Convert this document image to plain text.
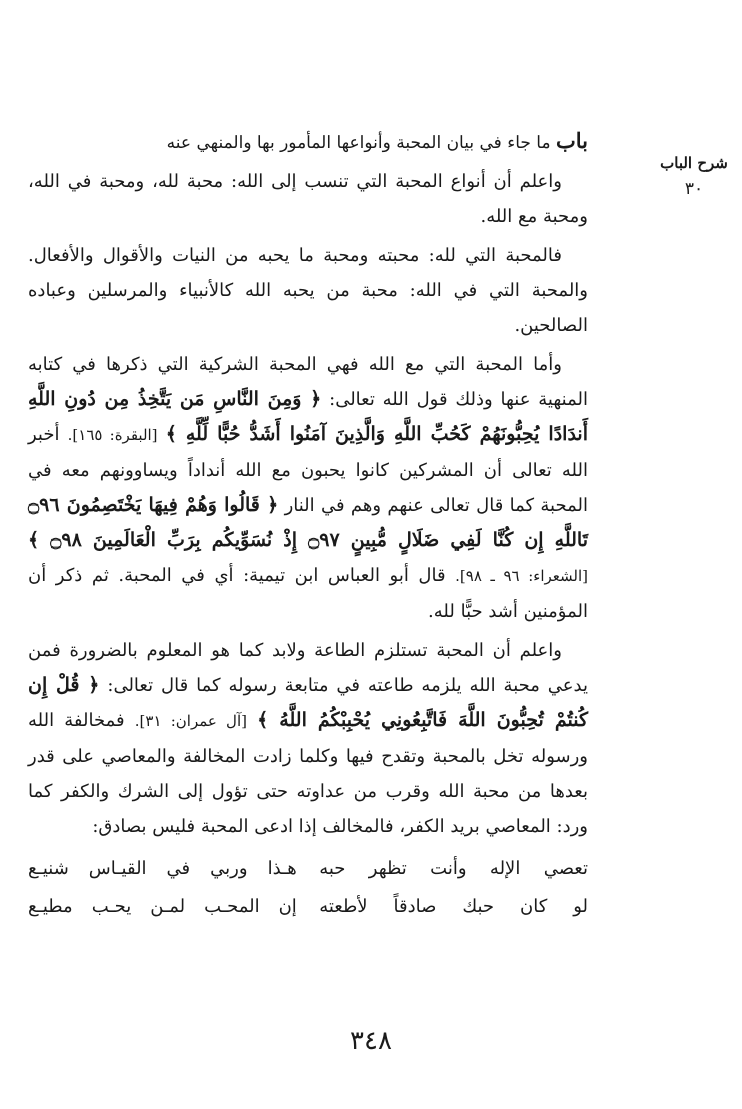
شرح الباب
٣٠
باب ما جاء في بيان المحبة وأنواعها المأمور بها والمنهي عنه

واعلم أن أنواع المحبة التي تنسب إلى الله: محبة لله، ومحبة في الله، ومحبة مع الله.

فالمحبة التي لله: محبته ومحبة ما يحبه من النيات والأقوال والأفعال. والمحبة التي في الله: محبة من يحبه الله كالأنبياء والمرسلين وعباده الصالحين.

وأما المحبة التي مع الله فهي المحبة الشركية التي ذكرها في كتابه المنهية عنها وذلك قول الله تعالى: ﴿ وَمِنَ النَّاسِ مَن يَتَّخِذُ مِن دُونِ اللَّهِ أَندَادًا يُحِبُّونَهُمْ كَحُبِّ اللَّهِ وَالَّذِينَ آمَنُوا أَشَدُّ حُبًّا لِّلَّهِ ﴾ [البقرة: ١٦٥]. أخبر الله تعالى أن المشركين كانوا يحبون مع الله أنداداً ويساوونهم معه في المحبة كما قال تعالى عنهم وهم في النار ﴿ قَالُوا وَهُمْ فِيهَا يَخْتَصِمُونَ ۝٩٦ تَاللَّهِ إِن كُنَّا لَفِي ضَلَالٍ مُّبِينٍ ۝٩٧ إِذْ نُسَوِّيكُم بِرَبِّ الْعَالَمِينَ ۝٩٨ ﴾ [الشعراء: ٩٦ ـ ٩٨]. قال أبو العباس ابن تيمية: أي في المحبة. ثم ذكر أن المؤمنين أشد حبًّا لله.

واعلم أن المحبة تستلزم الطاعة ولابد كما هو المعلوم بالضرورة فمن يدعي محبة الله يلزمه طاعته في متابعة رسوله كما قال تعالى: ﴿ قُلْ إِن كُنتُمْ تُحِبُّونَ اللَّهَ فَاتَّبِعُونِي يُحْبِبْكُمُ اللَّهُ ﴾ [آل عمران: ٣١]. فمخالفة الله ورسوله تخل بالمحبة وتقدح فيها وكلما زادت المخالفة والمعاصي على قدر بعدها من محبة الله وقرب من عداوته حتى تؤول إلى الشرك والكفر كما ورد: المعاصي بريد الكفر، فالمخالف إذا ادعى المحبة فليس بصادق:

تعصي الإله وأنت تظهر حبه
هـذا وربي في القيـاس شنيـع
لو كان حبك صادقاً لأطعته
إن المحـب لمـن يحـب مطيـع
٣٤٨
